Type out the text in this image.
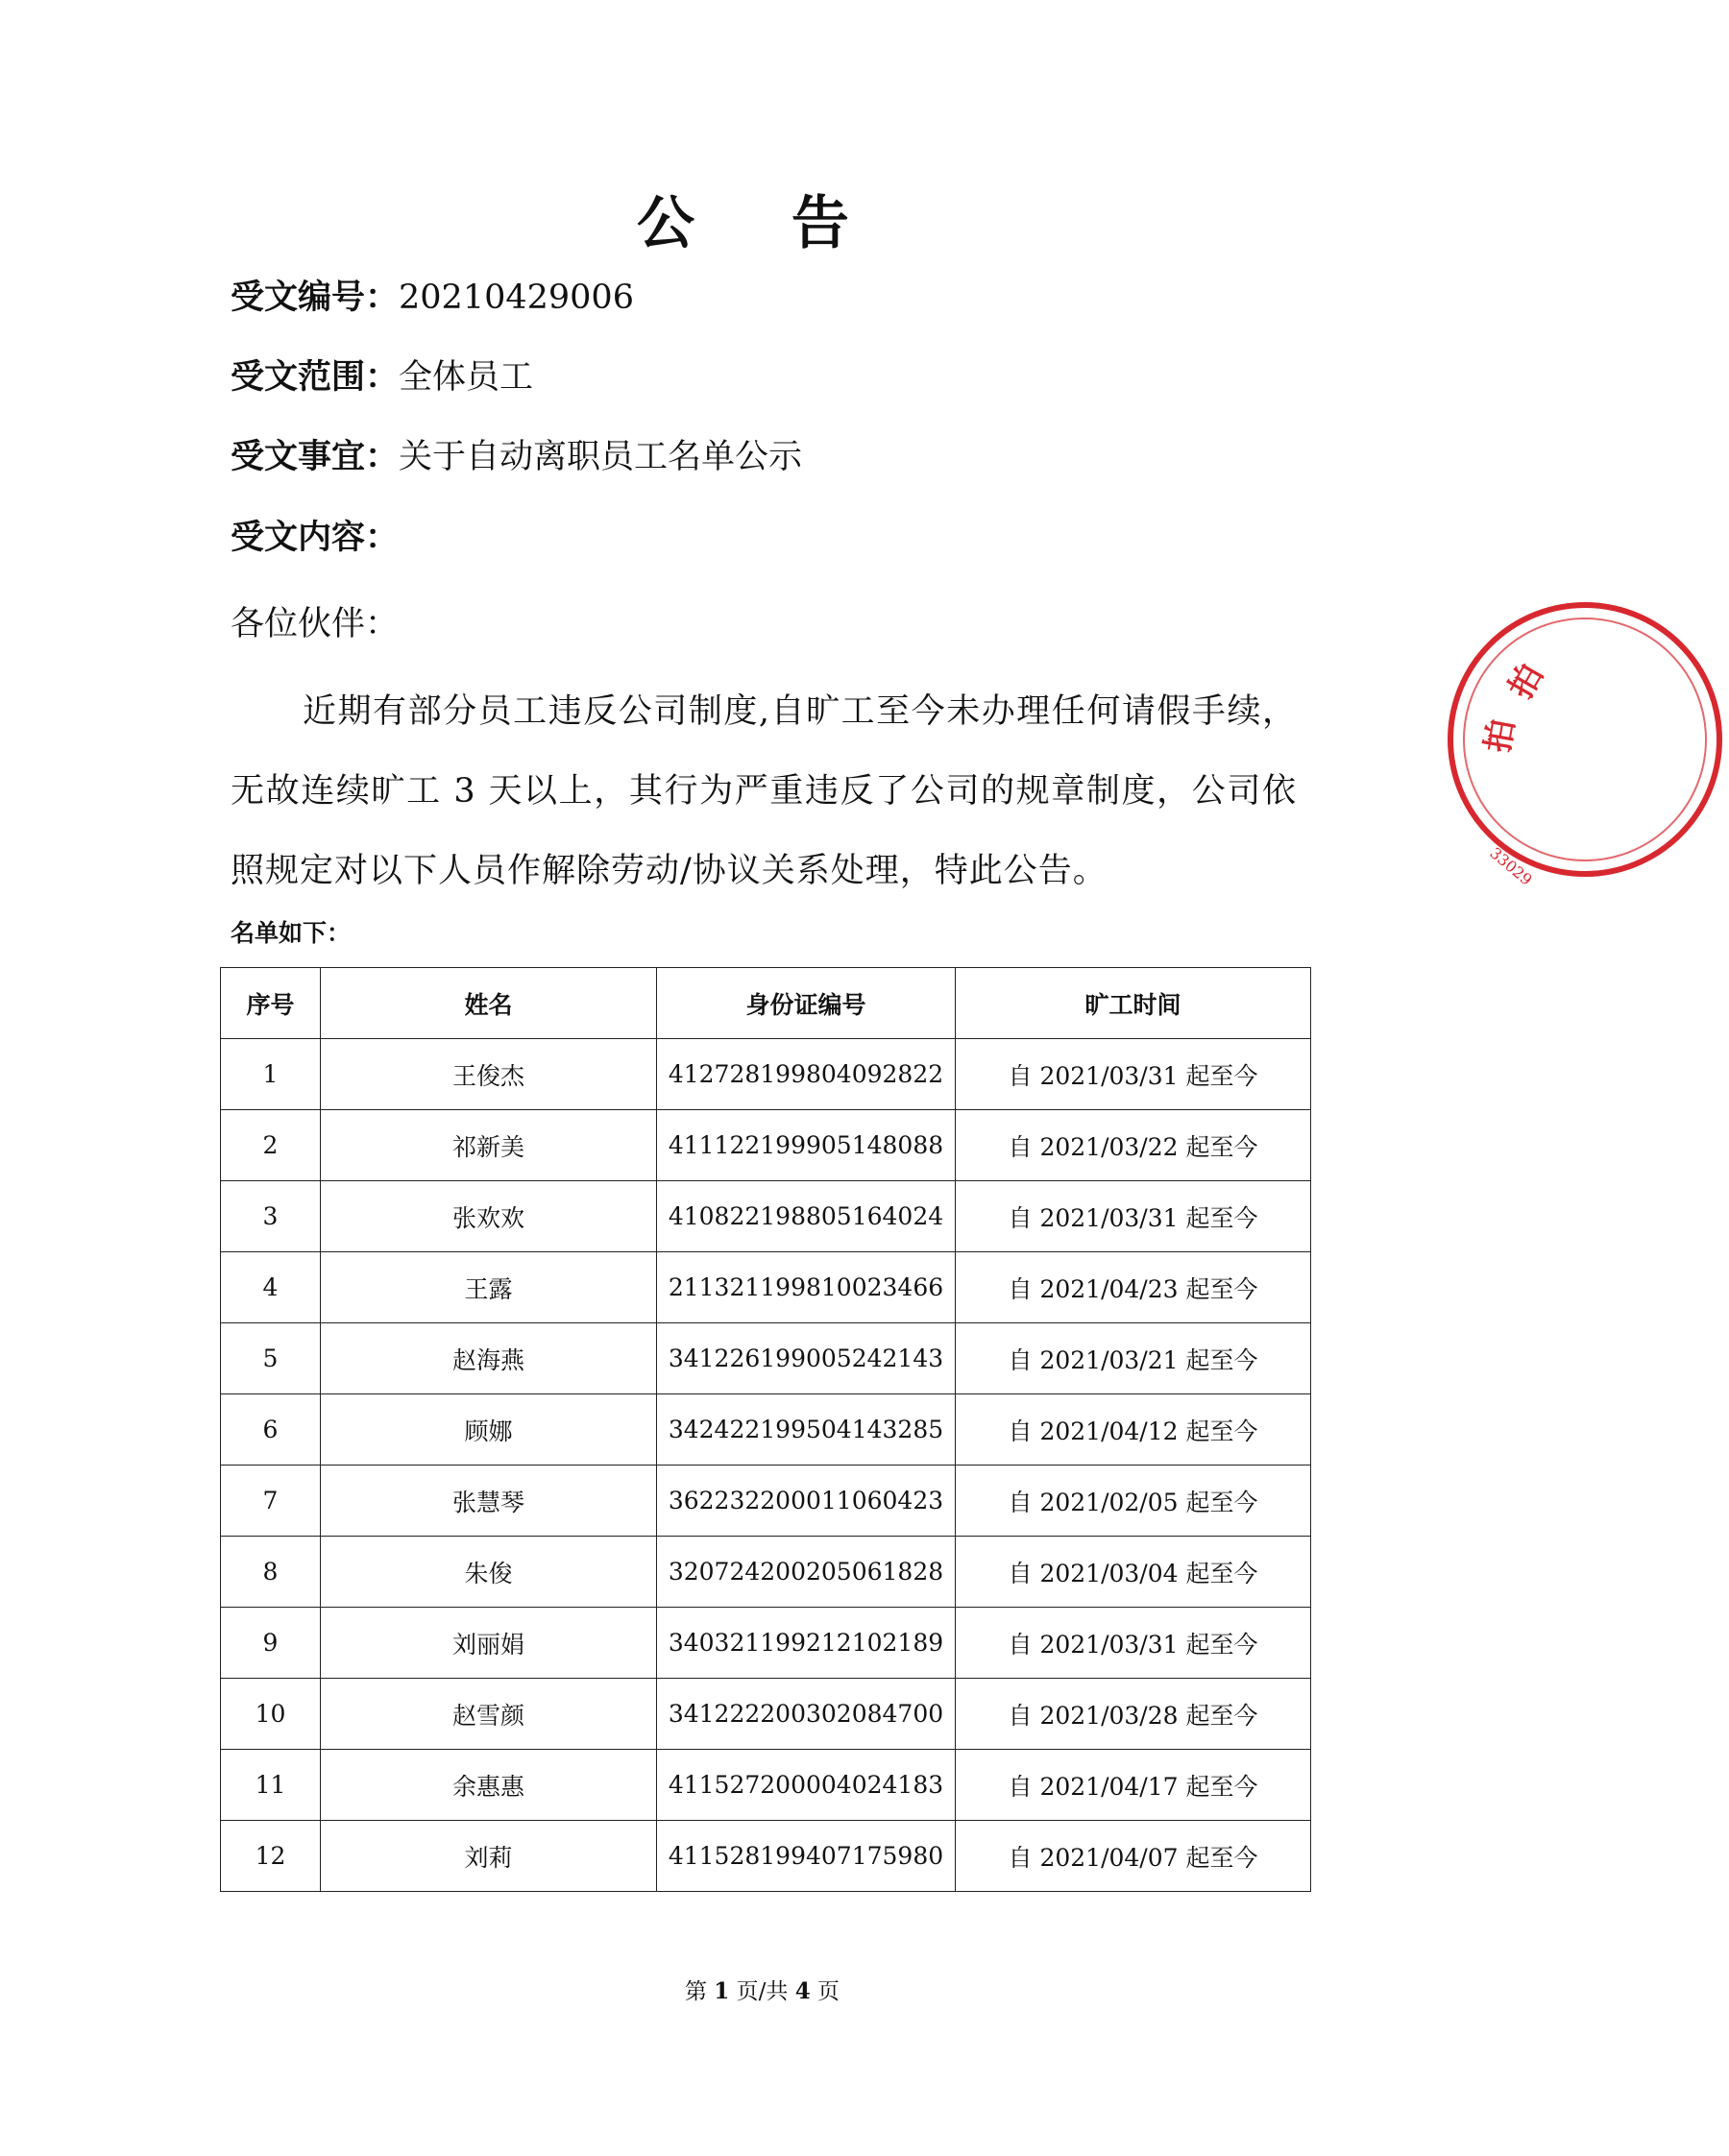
公 告
受文编号：20210429006
受文范围：全体员工
受文事宜：关于自动离职员工名单公示
受文内容：
各位伙伴：
近期有部分员工违反公司制度,自旷工至今未办理任何请假手续，无故连续旷工 3 天以上，其行为严重违反了公司的规章制度，公司依照规定对以下人员作解除劳动/协议关系处理，特此公告。
名单如下：
序号	姓名	身份证编号	旷工时间
1	王俊杰	412728199804092822	自 2021/03/31 起至今
2	祁新美	411122199905148088	自 2021/03/22 起至今
3	张欢欢	410822198805164024	自 2021/03/31 起至今
4	王露	211321199810023466	自 2021/04/23 起至今
5	赵海燕	341226199005242143	自 2021/03/21 起至今
6	顾娜	342422199504143285	自 2021/04/12 起至今
7	张慧琴	362232200011060423	自 2021/02/05 起至今
8	朱俊	320724200205061828	自 2021/03/04 起至今
9	刘丽娟	340321199212102189	自 2021/03/31 起至今
10	赵雪颜	341222200302084700	自 2021/03/28 起至今
11	余惠惠	411527200004024183	自 2021/04/17 起至今
12	刘莉	411528199407175980	自 2021/04/07 起至今
第 1 页/共 4 页
拍
拍
33029
